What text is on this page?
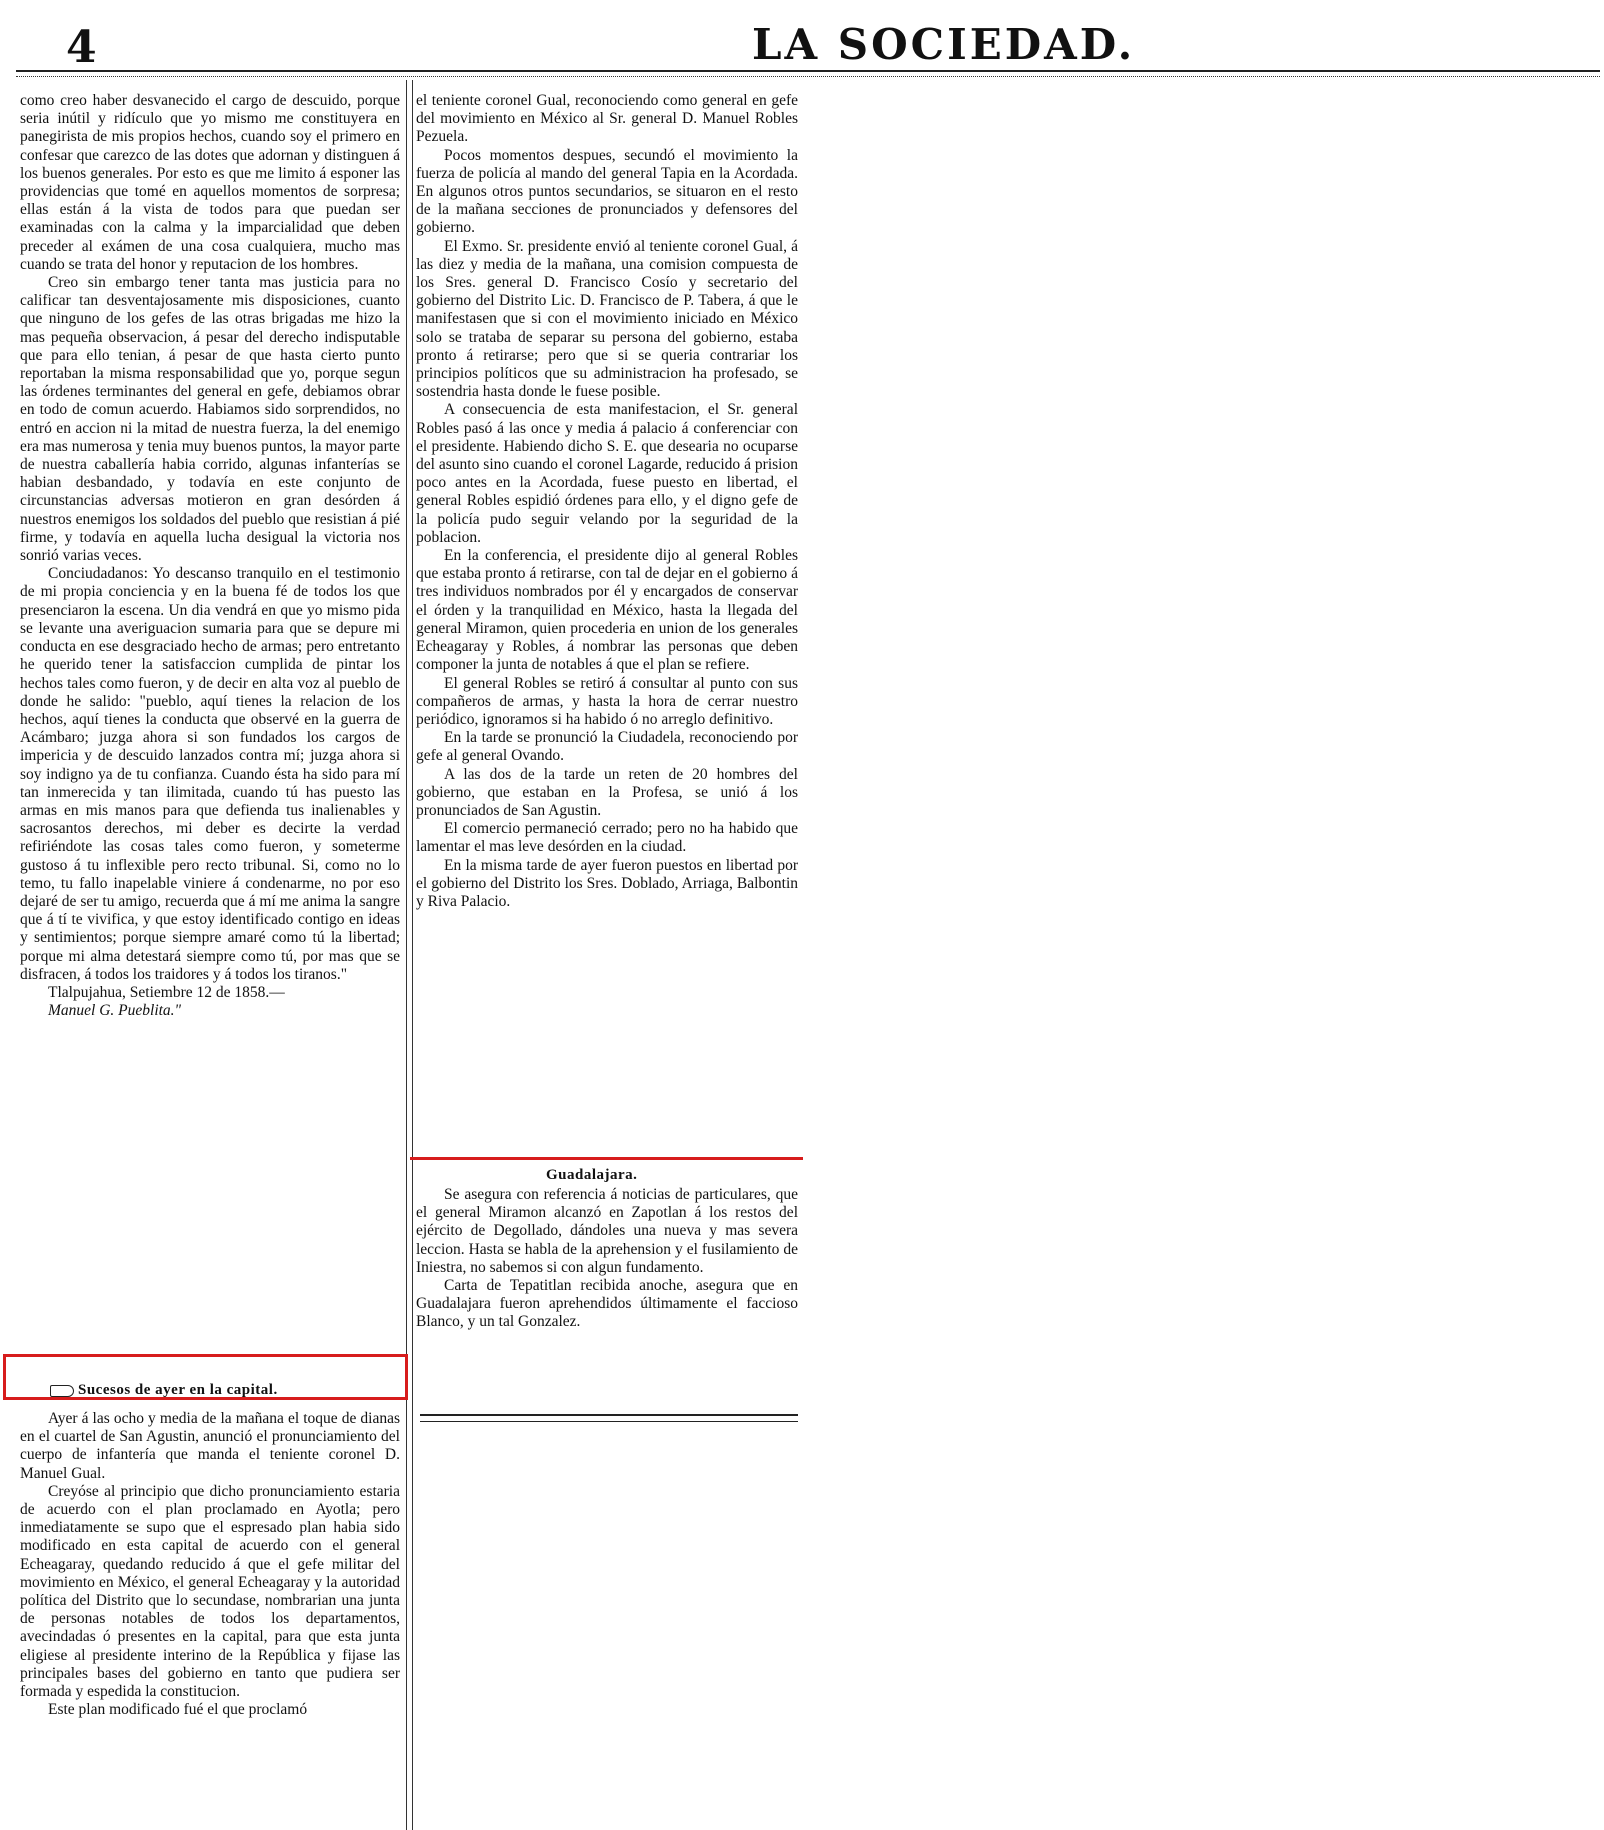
4	LA SOCIEDAD.

como creo haber desvanecido el cargo de descuido, porque seria inútil y ridículo que yo mismo me constituyera en panegirista de mis propios hechos, cuando soy el primero en confesar que carezco de las dotes que adornan y distinguen á los buenos generales. Por esto es que me limito á esponer las providencias que tomé en aquellos momentos de sorpresa; ellas están á la vista de todos para que puedan ser examinadas con la calma y la imparcialidad que deben preceder al exámen de una cosa cualquiera, mucho mas cuando se trata del honor y reputacion de los hombres.

Creo sin embargo tener tanta mas justicia para no calificar tan desventajosamente mis disposiciones, cuanto que ninguno de los gefes de las otras brigadas me hizo la mas pequeña observacion, á pesar del derecho indisputable que para ello tenian, á pesar de que hasta cierto punto reportaban la misma responsabilidad que yo, porque segun las órdenes terminantes del general en gefe, debiamos obrar en todo de comun acuerdo. Habiamos sido sorprendidos, no entró en accion ni la mitad de nuestra fuerza, la del enemigo era mas numerosa y tenia muy buenos puntos, la mayor parte de nuestra caballería habia corrido, algunas infanterías se habian desbandado, y todavía en este conjunto de circunstancias adversas motieron en gran desórden á nuestros enemigos los soldados del pueblo que resistian á pié firme, y todavía en aquella lucha desigual la victoria nos sonrió varias veces.

Conciudadanos: Yo descanso tranquilo en el testimonio de mi propia conciencia y en la buena fé de todos los que presenciaron la escena. Un dia vendrá en que yo mismo pida se levante una averiguacion sumaria para que se depure mi conducta en ese desgraciado hecho de armas; pero entretanto he querido tener la satisfaccion cumplida de pintar los hechos tales como fueron, y de decir en alta voz al pueblo de donde he salido: "pueblo, aquí tienes la relacion de los hechos, aquí tienes la conducta que observé en la guerra de Acámbaro; juzga ahora si son fundados los cargos de impericia y de descuido lanzados contra mí; juzga ahora si soy indigno ya de tu confianza. Cuando ésta ha sido para mí tan inmerecida y tan ilimitada, cuando tú has puesto las armas en mis manos para que defienda tus inalienables y sacrosantos derechos, mi deber es decirte la verdad refiriéndote las cosas tales como fueron, y someterme gustoso á tu inflexible pero recto tribunal. Si, como no lo temo, tu fallo inapelable viniere á condenarme, no por eso dejaré de ser tu amigo, recuerda que á mí me anima la sangre que á tí te vivifica, y que estoy identificado contigo en ideas y sentimientos; porque siempre amaré como tú la libertad; porque mi alma detestará siempre como tú, por mas que se disfracen, á todos los traidores y á todos los tiranos."

Tlalpujahua, Setiembre 12 de 1858.—

Manuel G. Pueblita."

Sucesos de ayer en la capital.

Ayer á las ocho y media de la mañana el toque de dianas en el cuartel de San Agustin, anunció el pronunciamiento del cuerpo de infantería que manda el teniente coronel D. Manuel Gual.

Creyóse al principio que dicho pronunciamiento estaria de acuerdo con el plan proclamado en Ayotla; pero inmediatamente se supo que el espresado plan habia sido modificado en esta capital de acuerdo con el general Echeagaray, quedando reducido á que el gefe militar del movimiento en México, el general Echeagaray y la autoridad política del Distrito que lo secundase, nombrarian una junta de personas notables de todos los departamentos, avecindadas ó presentes en la capital, para que esta junta eligiese al presidente interino de la República y fijase las principales bases del gobierno en tanto que pudiera ser formada y espedida la constitucion.

Este plan modificado fué el que proclamó

el teniente coronel Gual, reconociendo como general en gefe del movimiento en México al Sr. general D. Manuel Robles Pezuela.

Pocos momentos despues, secundó el movimiento la fuerza de policía al mando del general Tapia en la Acordada. En algunos otros puntos secundarios, se situaron en el resto de la mañana secciones de pronunciados y defensores del gobierno.

El Exmo. Sr. presidente envió al teniente coronel Gual, á las diez y media de la mañana, una comision compuesta de los Sres. general D. Francisco Cosío y secretario del gobierno del Distrito Lic. D. Francisco de P. Tabera, á que le manifestasen que si con el movimiento iniciado en México solo se trataba de separar su persona del gobierno, estaba pronto á retirarse; pero que si se queria contrariar los principios políticos que su administracion ha profesado, se sostendria hasta donde le fuese posible.

A consecuencia de esta manifestacion, el Sr. general Robles pasó á las once y media á palacio á conferenciar con el presidente. Habiendo dicho S. E. que desearia no ocuparse del asunto sino cuando el coronel Lagarde, reducido á prision poco antes en la Acordada, fuese puesto en libertad, el general Robles espidió órdenes para ello, y el digno gefe de la policía pudo seguir velando por la seguridad de la poblacion.

En la conferencia, el presidente dijo al general Robles que estaba pronto á retirarse, con tal de dejar en el gobierno á tres individuos nombrados por él y encargados de conservar el órden y la tranquilidad en México, hasta la llegada del general Miramon, quien procederia en union de los generales Echeagaray y Robles, á nombrar las personas que deben componer la junta de notables á que el plan se refiere.

El general Robles se retiró á consultar al punto con sus compañeros de armas, y hasta la hora de cerrar nuestro periódico, ignoramos si ha habido ó no arreglo definitivo.

En la tarde se pronunció la Ciudadela, reconociendo por gefe al general Ovando.

A las dos de la tarde un reten de 20 hombres del gobierno, que estaban en la Profesa, se unió á los pronunciados de San Agustin.

El comercio permaneció cerrado; pero no ha habido que lamentar el mas leve desórden en la ciudad.

En la misma tarde de ayer fueron puestos en libertad por el gobierno del Distrito los Sres. Doblado, Arriaga, Balbontin y Riva Palacio.

Guadalajara.

Se asegura con referencia á noticias de particulares, que el general Miramon alcanzó en Zapotlan á los restos del ejército de Degollado, dándoles una nueva y mas severa leccion. Hasta se habla de la aprehension y el fusilamiento de Iniestra, no sabemos si con algun fundamento.

Carta de Tepatitlan recibida anoche, asegura que en Guadalajara fueron aprehendidos últimamente el faccioso Blanco, y un tal Gonzalez.
